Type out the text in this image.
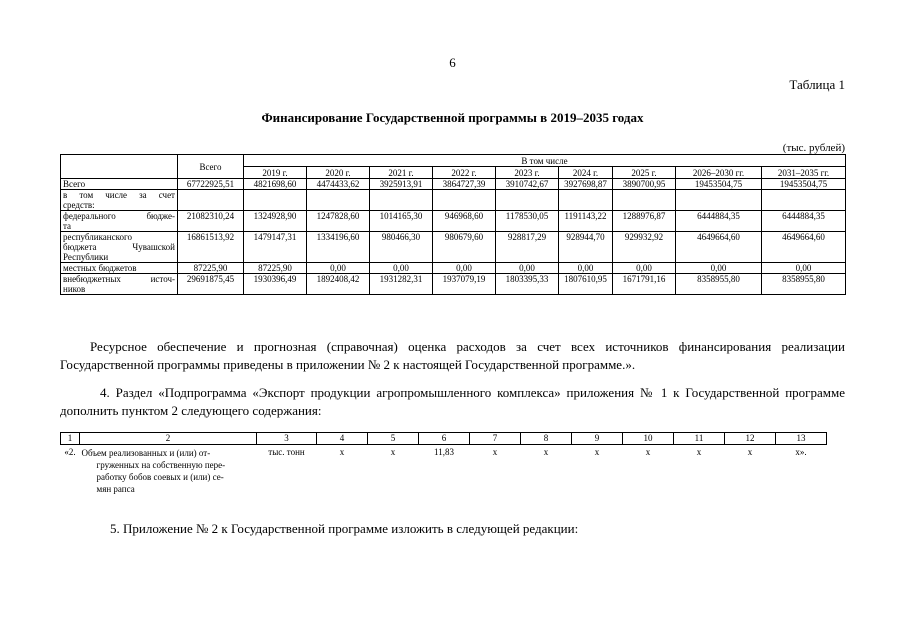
6
Таблица 1
Финансирование Государственной программы в 2019–2035 годах
(тыс. рублей)
	Всего	В том числе								
		2019 г.	2020 г.	2021 г.	2022 г.	2023 г.	2024 г.	2025 г.	2026–2030 гг.	2031–2035 гг.

Всего	67722925,51	4821698,60	4474433,62	3925913,91	3864727,39	3910742,67	3927698,87	3890700,95	19453504,75	19453504,75

в том числе за счет
средств:										

федерального бюдже-
та	21082310,24	1324928,90	1247828,60	1014165,30	946968,60	1178530,05	1191143,22	1288976,87	6444884,35	6444884,35

республиканского
бюджета Чувашской
Республики	16861513,92	1479147,31	1334196,60	980466,30	980679,60	928817,29	928944,70	929932,92	4649664,60	4649664,60

местных бюджетов	87225,90	87225,90	0,00	0,00	0,00	0,00	0,00	0,00	0,00	0,00

внебюджетных источ-
ников	29691875,45	1930396,49	1892408,42	1931282,31	1937079,19	1803395,33	1807610,95	1671791,16	8358955,80	8358955,80
Ресурсное обеспечение и прогнозная (справочная) оценка расходов за счет всех источников финансирования реализации Государственной программы приведены в приложении № 2 к настоящей Государственной программе.».
4. Раздел «Подпрограмма «Экспорт продукции агропромышленного комплекса» приложения № 1 к Государственной программе дополнить пунктом 2 следующего содержания:
1	2	3	4	5	6	7	8	9	10	11	12	13
«2.	Объем реализованных и (или) от-
груженных на собственную пере-
работку бобов соевых и (или) се-
мян рапса	тыс. тонн	x	x	11,83	x	x	x	x	x	x	x».
5. Приложение № 2 к Государственной программе изложить в следующей редакции:
